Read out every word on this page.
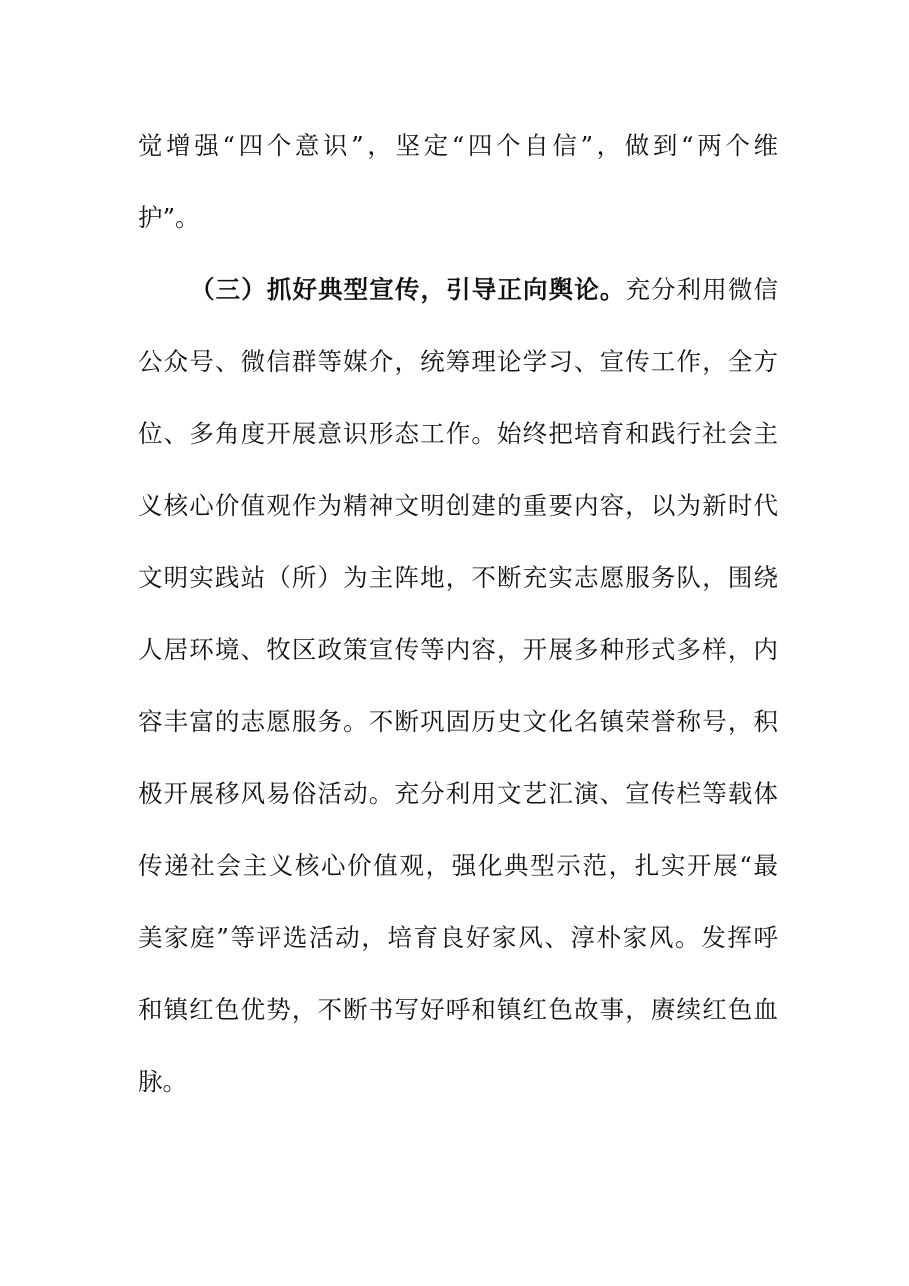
觉增强“四个意识”，坚定“四个自信”，做到“两个维
护”。
（三）抓好典型宣传，引导正向舆论。充分利用微信
公众号、微信群等媒介，统筹理论学习、宣传工作，全方
位、多角度开展意识形态工作。始终把培育和践行社会主
义核心价值观作为精神文明创建的重要内容，以为新时代
文明实践站（所）为主阵地，不断充实志愿服务队，围绕
人居环境、牧区政策宣传等内容，开展多种形式多样，内
容丰富的志愿服务。不断巩固历史文化名镇荣誉称号，积
极开展移风易俗活动。充分利用文艺汇演、宣传栏等载体
传递社会主义核心价值观，强化典型示范，扎实开展“最
美家庭”等评选活动，培育良好家风、淳朴家风。发挥呼
和镇红色优势，不断书写好呼和镇红色故事，赓续红色血
脉。
